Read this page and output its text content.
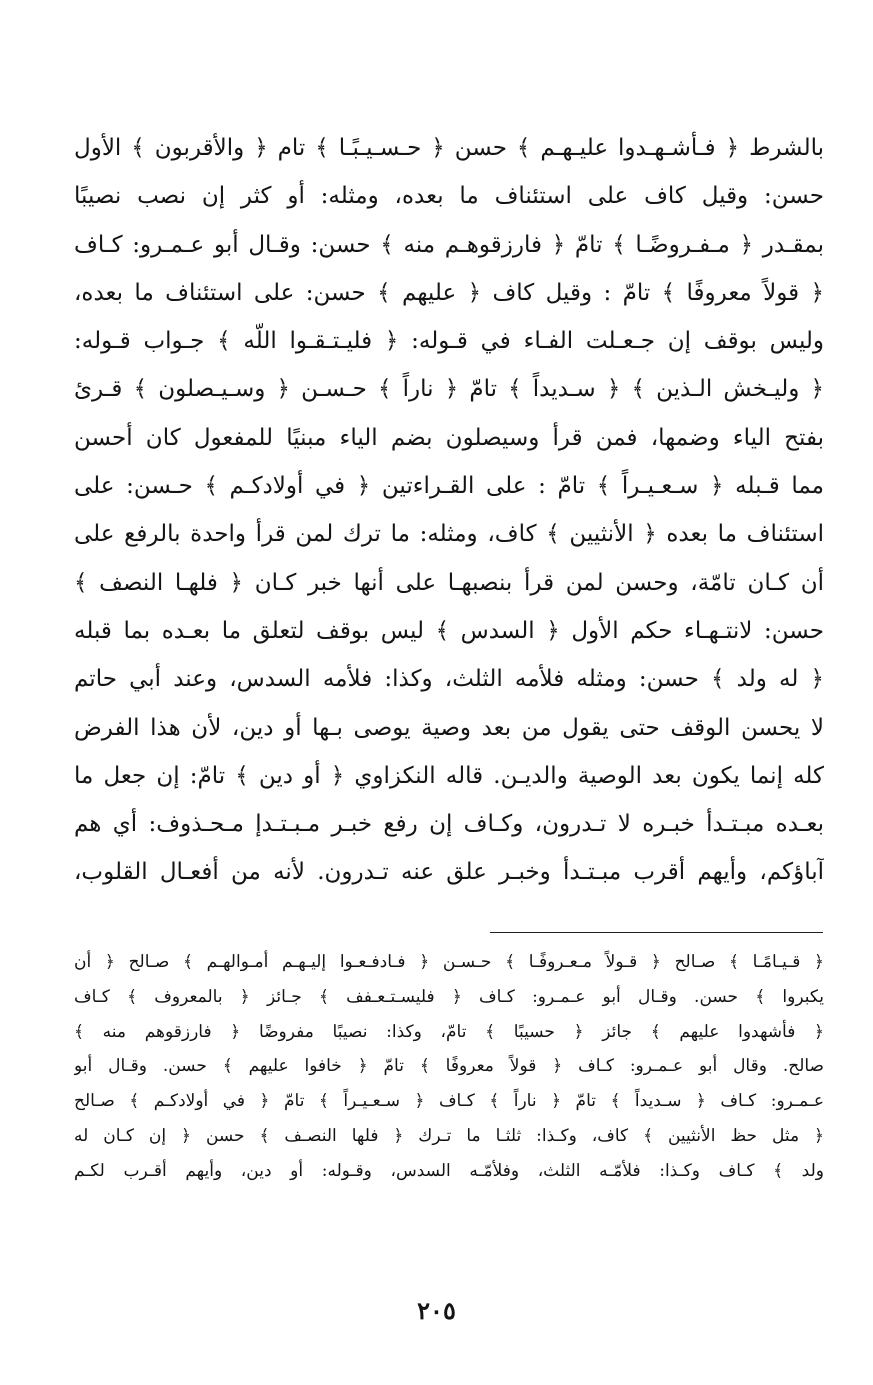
بالشرط ﴿ فـأشـهـدوا عليـهـم ﴾ حسن ﴿ حـسـيـبًـا ﴾ تام ﴿ والأقربون ﴾ الأول
حسن: وقيل كاف على استئناف ما بعده، ومثله: أو كثر إن نصب نصيبًا
بمقـدر ﴿ مـفـروضًـا ﴾ تامّ ﴿ فارزقوهـم منه ﴾ حسن: وقـال أبو عـمـرو: كـاف
﴿ قولاً معروفًا ﴾ تامّ : وقيل كاف ﴿ عليهم ﴾ حسن: على استئناف ما بعده،
وليس بوقف إن جـعـلت الفـاء في قـوله: ﴿ فليـتـقـوا اللّه ﴾ جـواب قـوله:
﴿ وليـخش الـذين ﴾ ﴿ سـديداً ﴾ تامّ ﴿ ناراً ﴾ حـسـن ﴿ وسـيـصلون ﴾ قـرئ
بفتح الياء وضمها، فمن قرأ وسيصلون بضم الياء مبنيًا للمفعول كان أحسن
مما قـبله ﴿ سـعـيـراً ﴾ تامّ : على القـراءتين ﴿ في أولادكـم ﴾ حـسن: على
استئناف ما بعده ﴿ الأنثيين ﴾ كاف، ومثله: ما ترك لمن قرأ واحدة بالرفع على
أن كـان تامّة، وحسن لمن قرأ بنصبهـا على أنها خبر كـان ﴿ فلهـا النصف ﴾
حسن: لانتـهـاء حكم الأول ﴿ السدس ﴾ ليس بوقف لتعلق ما بعـده بما قبله
﴿ له ولد ﴾ حسن: ومثله فلأمه الثلث، وكذا: فلأمه السدس، وعند أبي حاتم
لا يحسن الوقف حتى يقول من بعد وصية يوصى بـها أو دين، لأن هذا الفرض
كله إنما يكون بعد الوصية والديـن. قاله النكزاوي ﴿ أو دين ﴾ تامّ: إن جعل ما
بعـده مبـتـدأ خبـره لا تـدرون، وكـاف إن رفع خبـر مـبـتـدإ مـحـذوف: أي هم
آباؤكم، وأيهم أقرب مبـتـدأ وخبـر علق عنه تـدرون. لأنه من أفعـال القلوب،
﴿ قـيـامًـا ﴾ صـالح ﴿ قـولاً مـعـروفًـا ﴾ حـسـن ﴿ فـادفـعـوا إليـهـم أمـوالهـم ﴾ صـالح ﴿ أن
يكبروا ﴾ حسن. وقـال أبو عـمـرو: كـاف ﴿ فليسـتـعـفف ﴾ جـائز ﴿ بالمعروف ﴾ كـاف
﴿ فأشهدوا عليهم ﴾ جائز ﴿ حسيبًا ﴾ تامّ، وكذا: نصيبًا مفروضًا ﴿ فارزقوهم منه ﴾
صالح. وقال أبو عـمـرو: كـاف ﴿ قولاً معروفًا ﴾ تامّ ﴿ خافوا عليهم ﴾ حسن. وقـال أبو
عـمـرو: كـاف ﴿ سـديداً ﴾ تامّ ﴿ ناراً ﴾ كـاف ﴿ سـعـيـراً ﴾ تامّ ﴿ في أولادكـم ﴾ صـالح
﴿ مثل حظ الأنثيين ﴾ كاف، وكـذا: ثلثـا ما تـرك ﴿ فلها النصـف ﴾ حسن ﴿ إن كـان له
ولد ﴾ كـاف وكـذا: فلأمّـه الثلث، وفلأمّـه السدس، وقـوله: أو دين، وأيهم أقـرب لكـم
٢٠٥
